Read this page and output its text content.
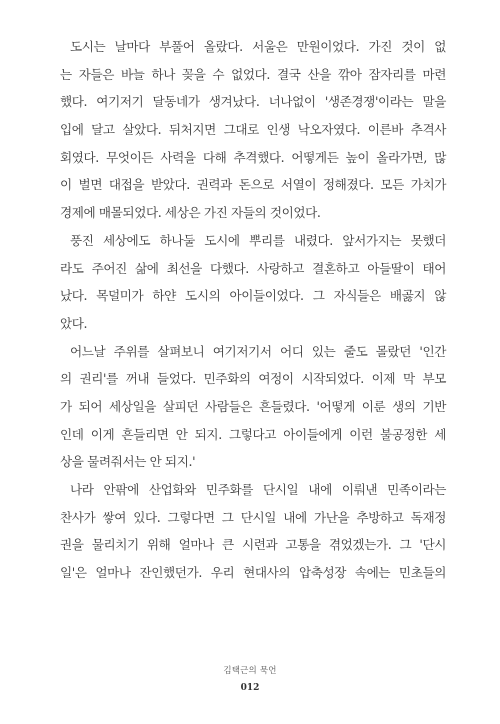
도시는 날마다 부풀어 올랐다. 서울은 만원이었다. 가진 것이 없
는 자들은 바늘 하나 꽂을 수 없었다. 결국 산을 깎아 잠자리를 마련
했다. 여기저기 달동네가 생겨났다. 너나없이 '생존경쟁'이라는 말을
입에 달고 살았다. 뒤처지면 그대로 인생 낙오자였다. 이른바 추격사
회였다. 무엇이든 사력을 다해 추격했다. 어떻게든 높이 올라가면, 많
이 벌면 대접을 받았다. 권력과 돈으로 서열이 정해졌다. 모든 가치가
경제에 매몰되었다. 세상은 가진 자들의 것이었다.
풍진 세상에도 하나둘 도시에 뿌리를 내렸다. 앞서가지는 못했더
라도 주어진 삶에 최선을 다했다. 사랑하고 결혼하고 아들딸이 태어
났다. 목덜미가 하얀 도시의 아이들이었다. 그 자식들은 배곯지 않
았다.
어느날 주위를 살펴보니 여기저기서 어디 있는 줄도 몰랐던 '인간
의 권리'를 꺼내 들었다. 민주화의 여정이 시작되었다. 이제 막 부모
가 되어 세상일을 살피던 사람들은 흔들렸다. '어떻게 이룬 생의 기반
인데 이게 흔들리면 안 되지. 그렇다고 아이들에게 이런 불공정한 세
상을 물려줘서는 안 되지.'
나라 안팎에 산업화와 민주화를 단시일 내에 이뤄낸 민족이라는
찬사가 쌓여 있다. 그렇다면 그 단시일 내에 가난을 추방하고 독재정
권을 물리치기 위해 얼마나 큰 시련과 고통을 겪었겠는가. 그 '단시
일'은 얼마나 잔인했던가. 우리 현대사의 압축성장 속에는 민초들의
김택근의 묵언
012
